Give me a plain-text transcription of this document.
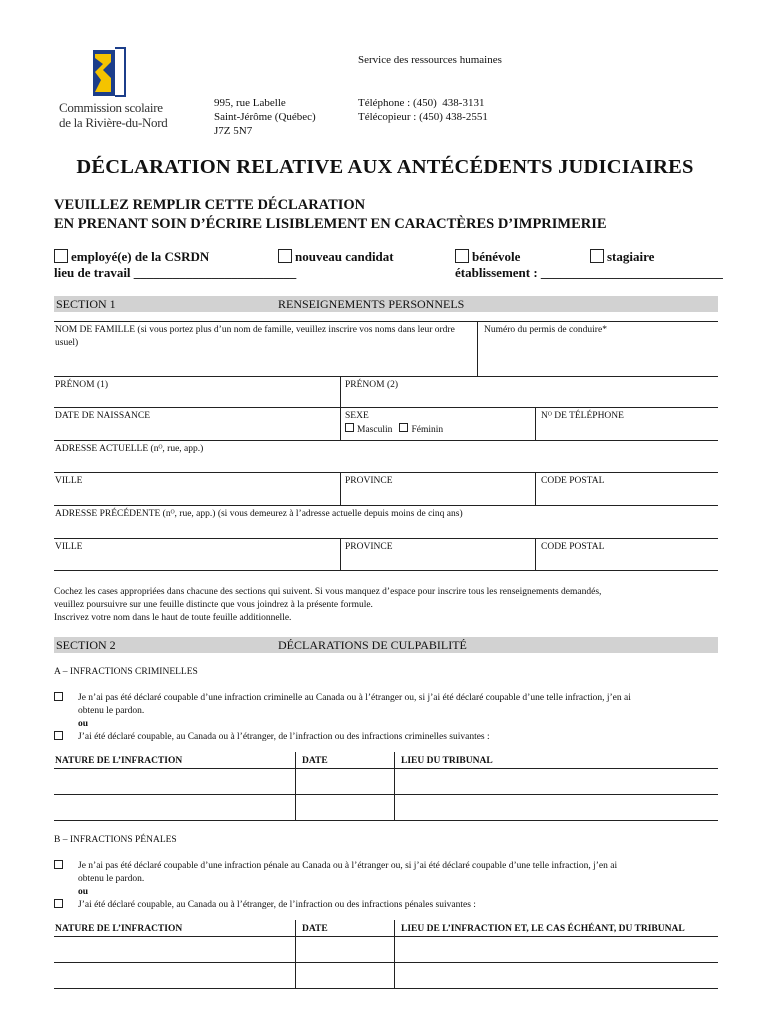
Commission scolaire
de la Rivière-du-Nord
Service des ressources humaines
995, rue Labelle
Saint-Jérôme (Québec)
J7Z 5N7
Téléphone : (450)  438-3131
Télécopieur : (450) 438-2551
DÉCLARATION RELATIVE AUX ANTÉCÉDENTS JUDICIAIRES
VEUILLEZ REMPLIR CETTE DÉCLARATION
EN PRENANT SOIN D’ÉCRIRE LISIBLEMENT EN CARACTÈRES D’IMPRIMERIE
employé(e) de la CSRDN	nouveau candidat	bénévole	stagiaire
lieu de travail _________________________	établissement : ____________________________
SECTION 1	RENSEIGNEMENTS PERSONNELS
NOM DE FAMILLE (si vous portez plus d’un nom de famille, veuillez inscrire vos noms dans leur ordre usuel)
Numéro du permis de conduire*
PRÉNOM (1)	PRÉNOM (2)
DATE DE NAISSANCE	SEXE
Masculin Féminin
Nᴼ DE TÉLÉPHONE
ADRESSE ACTUELLE (nᴼ, rue, app.)
VILLE	PROVINCE	CODE POSTAL
ADRESSE PRÉCÉDENTE (nᴼ, rue, app.) (si vous demeurez à l’adresse actuelle depuis moins de cinq ans)
VILLE	PROVINCE	CODE POSTAL
Cochez les cases appropriées dans chacune des sections qui suivent. Si vous manquez d’espace pour inscrire tous les renseignements demandés,
veuillez poursuivre sur une feuille distincte que vous joindrez à la présente formule.
Inscrivez votre nom dans le haut de toute feuille additionnelle.
SECTION 2	DÉCLARATIONS DE CULPABILITÉ
A – INFRACTIONS CRIMINELLES
Je n’ai pas été déclaré coupable d’une infraction criminelle au Canada ou à l’étranger ou, si j’ai été déclaré coupable d’une telle infraction, j’en ai
obtenu le pardon.
ou
J’ai été déclaré coupable, au Canada ou à l’étranger, de l’infraction ou des infractions criminelles suivantes :
NATURE DE L’INFRACTION	DATE	LIEU DU TRIBUNAL
B – INFRACTIONS PÉNALES
Je n’ai pas été déclaré coupable d’une infraction pénale au Canada ou à l’étranger ou, si j’ai été déclaré coupable d’une telle infraction, j’en ai
obtenu le pardon.
ou
J’ai été déclaré coupable, au Canada ou à l’étranger, de l’infraction ou des infractions pénales suivantes :
NATURE DE L’INFRACTION	DATE	LIEU DE L’INFRACTION ET, LE CAS ÉCHÉANT, DU TRIBUNAL
